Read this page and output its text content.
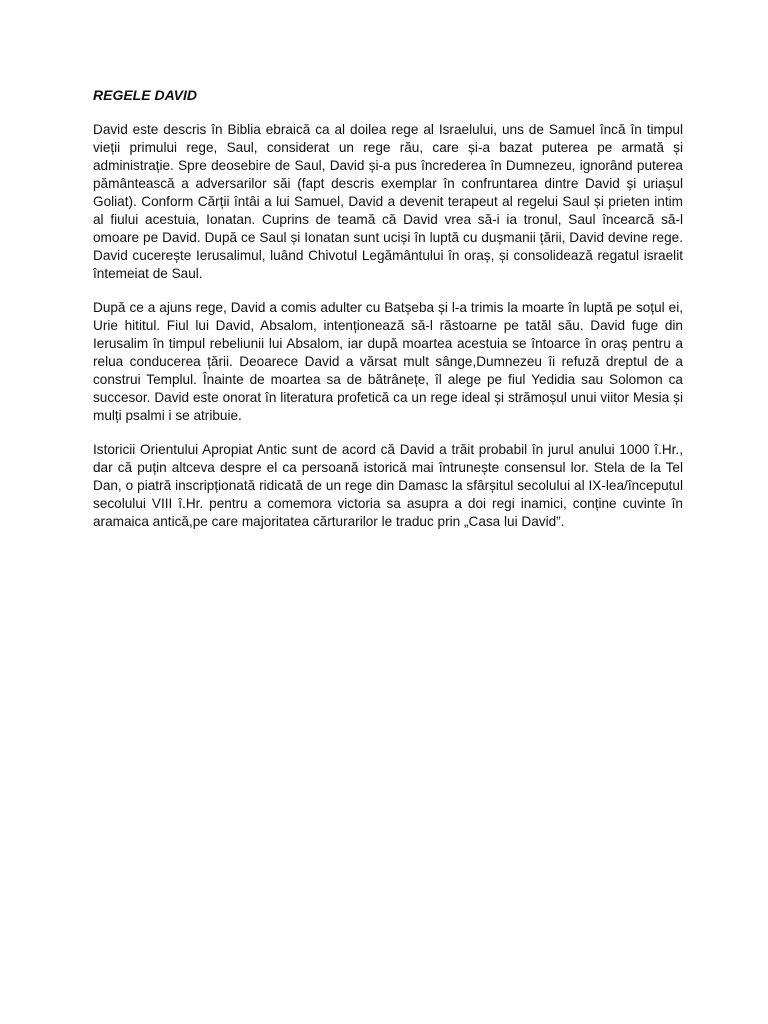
REGELE DAVID

David este descris în Biblia ebraică ca al doilea rege al Israelului, uns de Samuel încă în timpul vieții primului rege, Saul, considerat un rege rău, care și-a bazat puterea pe armată și administrație. Spre deosebire de Saul, David și-a pus încrederea în Dumnezeu, ignorând puterea pământească a adversarilor săi (fapt descris exemplar în confruntarea dintre David și uriașul Goliat). Conform Cărții întâi a lui Samuel, David a devenit terapeut al regelui Saul și prieten intim al fiului acestuia, Ionatan. Cuprins de teamă că David vrea să-i ia tronul, Saul încearcă să-l omoare pe David. După ce Saul și Ionatan sunt uciși în luptă cu dușmanii țării, David devine rege. David cucerește Ierusalimul, luând Chivotul Legământului în oraș, și consolidează regatul israelit întemeiat de Saul.

După ce a ajuns rege, David a comis adulter cu Batșeba și l-a trimis la moarte în luptă pe soțul ei, Urie hititul. Fiul lui David, Absalom, intenționează să-l răstoarne pe tatăl său. David fuge din Ierusalim în timpul rebeliunii lui Absalom, iar după moartea acestuia se întoarce în oraș pentru a relua conducerea țării. Deoarece David a vărsat mult sânge,Dumnezeu îi refuză dreptul de a construi Templul. Înainte de moartea sa de bătrânețe, îl alege pe fiul Yedidia sau Solomon ca succesor. David este onorat în literatura profetică ca un rege ideal și strămoșul unui viitor Mesia și mulți psalmi i se atribuie.

Istoricii Orientului Apropiat Antic sunt de acord că David a trăit probabil în jurul anului 1000 î.Hr., dar că puțin altceva despre el ca persoană istorică mai întrunește consensul lor. Stela de la Tel Dan, o piatră inscripționată ridicată de un rege din Damasc la sfârșitul secolului al IX-lea/începutul secolului VIII î.Hr. pentru a comemora victoria sa asupra a doi regi inamici, conține cuvinte în aramaica antică,pe care majoritatea cărturarilor le traduc prin „Casa lui David”.
